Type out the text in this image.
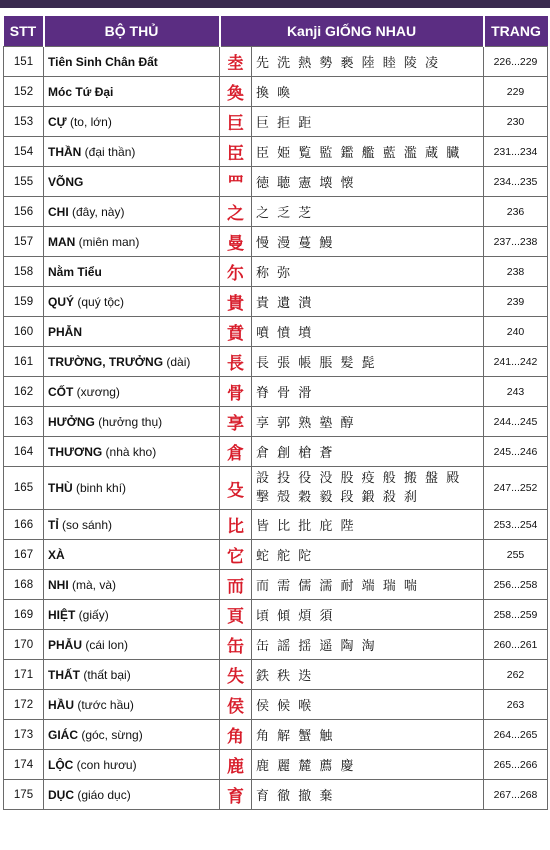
STT	BỘ THỦ	Kanji GIỐNG NHAU		TRANG
151	Tiên Sinh Chân Đất	坴	先 洗 熱 勢 褻 陸 睦 陵 凌	226...229
152	Móc Tứ Đại	奐	換 喚	229
153	CỰ (to, lớn)	巨	巨 拒 距	230
154	THẦN (đại thần)	臣	臣 姫 覧 監 鑑 艦 藍 濫 蔵 臓	231...234
155	VÕNG	罒	徳 聴 憲 壊 懐	234...235
156	CHI (đây, này)	之	之 乏 芝	236
157	MAN (miên man)	曼	慢 漫 蔓 鰻	237...238
158	Nằm Tiểu	尓	称 弥	238
159	QUÝ (quý tộc)	貴	貴 遺 潰	239
160	PHẪN	賁	噴 憤 墳	240
161	TRƯỜNG, TRƯỞNG (dài)	長	長 張 帳 脹 髪 髭	241...242
162	CỐT (xương)	骨	脊 骨 滑	243
163	HƯỞNG (hưởng thụ)	享	享 郭 熟 塾 醇	244...245
164	THƯƠNG (nhà kho)	倉	倉 創 槍 蒼	245...246
165	THÙ (binh khí)	殳	設 投 役 没 股 疫 般 搬 盤 殿
撃 殻 穀 毅 段 鍛 殺 刹	247...252
166	TỈ (so sánh)	比	皆 比 批 庇 陛	253...254
167	XÀ	它	蛇 舵 陀	255
168	NHI (mà, và)	而	而 需 儒 濡 耐 端 瑞 喘	256...258
169	HIỆT (giấy)	頁	頃 傾 煩 須	258...259
170	PHẪU (cái lon)	缶	缶 謡 揺 遥 陶 淘	260...261
171	THẤT (thất bại)	失	鉄 秩 迭	262
172	HẦU (tước hầu)	侯	侯 候 喉	263
173	GIÁC (góc, sừng)	角	角 解 蟹 触	264...265
174	LỘC (con hươu)	鹿	鹿 麗 麓 薦 慶	265...266
175	DỤC (giáo dục)	育	育 徹 撤 棄	267...268
